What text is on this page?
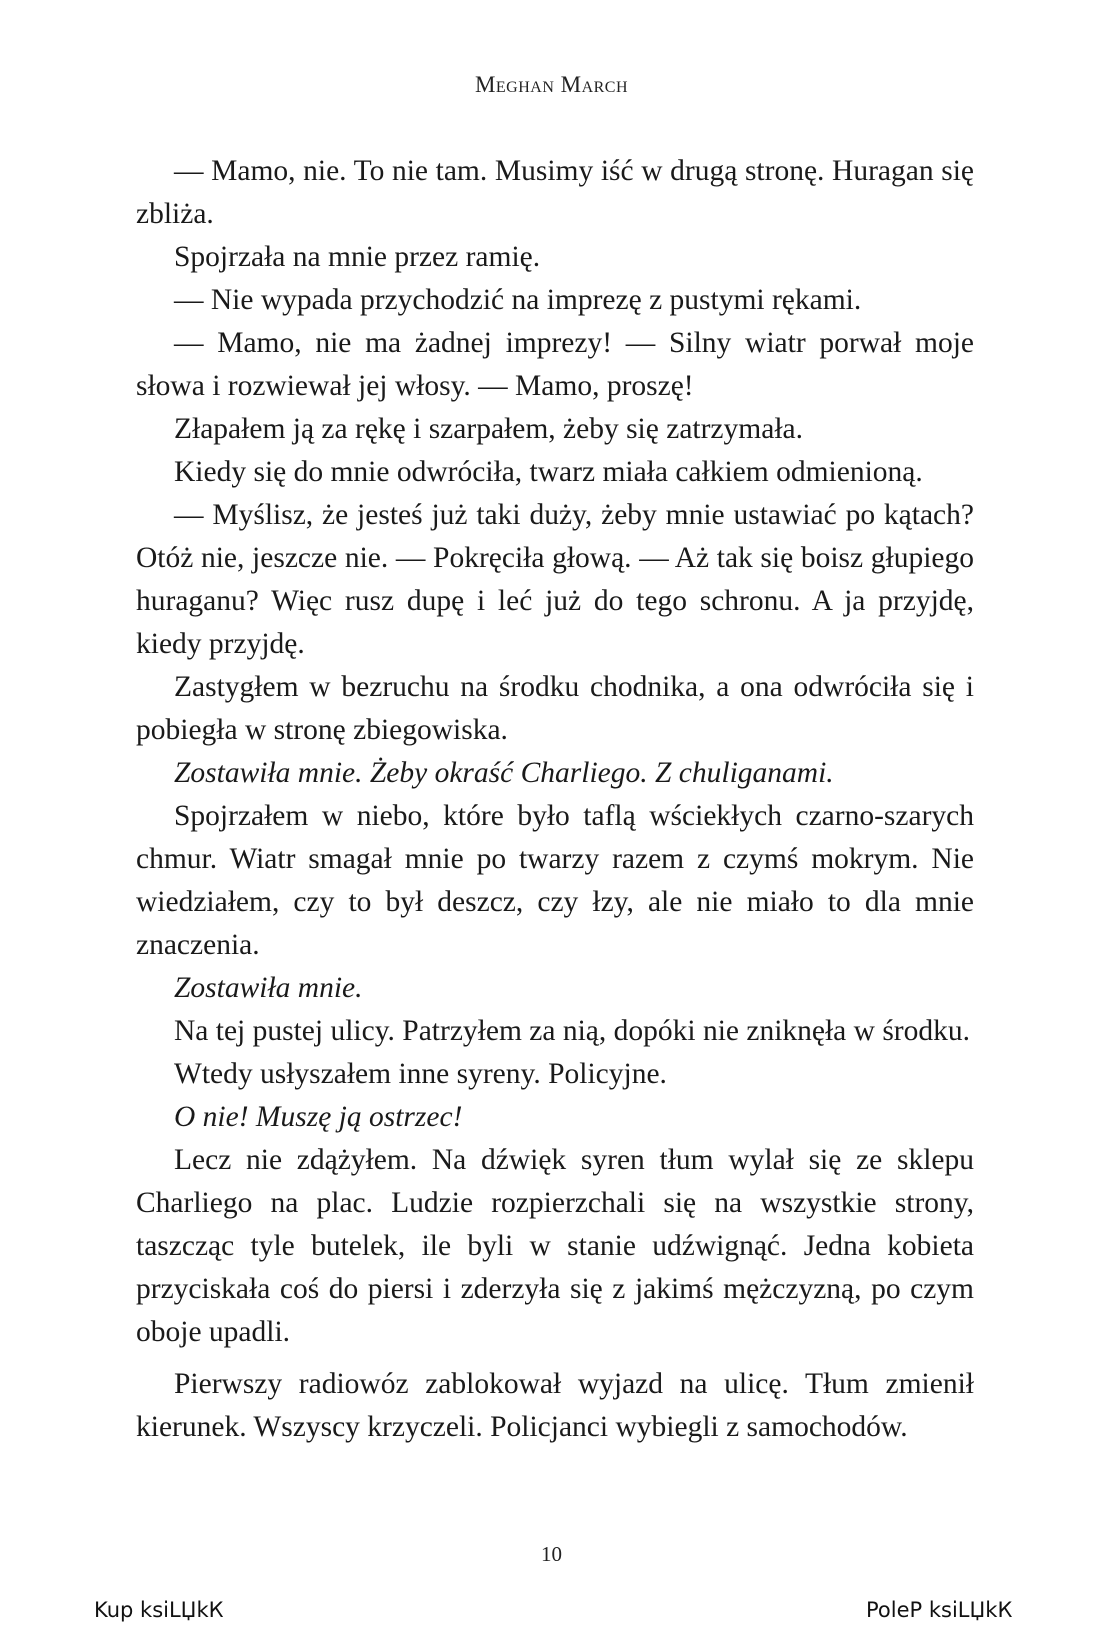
Meghan March

— Mamo, nie. To nie tam. Musimy iść w drugą stronę. Huragan się zbliża.

Spojrzała na mnie przez ramię.

— Nie wypada przychodzić na imprezę z pustymi rękami.

— Mamo, nie ma żadnej imprezy! — Silny wiatr porwał moje słowa i rozwiewał jej włosy. — Mamo, proszę!

Złapałem ją za rękę i szarpałem, żeby się zatrzymała.

Kiedy się do mnie odwróciła, twarz miała całkiem odmienioną.

— Myślisz, że jesteś już taki duży, żeby mnie ustawiać po kątach? Otóż nie, jeszcze nie. — Pokręciła głową. — Aż tak się boisz głupiego huraganu? Więc rusz dupę i leć już do tego schronu. A ja przyjdę, kiedy przyjdę.

Zastygłem w bezruchu na środku chodnika, a ona odwróciła się i pobiegła w stronę zbiegowiska.

Zostawiła mnie. Żeby okraść Charliego. Z chuliganami.

Spojrzałem w niebo, które było taflą wściekłych czarno-szarych chmur. Wiatr smagał mnie po twarzy razem z czymś mokrym. Nie wiedziałem, czy to był deszcz, czy łzy, ale nie miało to dla mnie znaczenia.

Zostawiła mnie.

Na tej pustej ulicy. Patrzyłem za nią, dopóki nie zniknęła w środku.

Wtedy usłyszałem inne syreny. Policyjne.

O nie! Muszę ją ostrzec!

Lecz nie zdążyłem. Na dźwięk syren tłum wylał się ze sklepu Charliego na plac. Ludzie rozpierzchali się na wszystkie strony, taszcząc tyle butelek, ile byli w stanie udźwignąć. Jedna kobieta przyciskała coś do piersi i zderzyła się z jakimś mężczyzną, po czym oboje upadli.

Pierwszy radiowóz zablokował wyjazd na ulicę. Tłum zmienił kierunek. Wszyscy krzyczeli. Policjanci wybiegli z samochodów.

10
Kup ksiLЏkК	PoleР ksiLЏkК
